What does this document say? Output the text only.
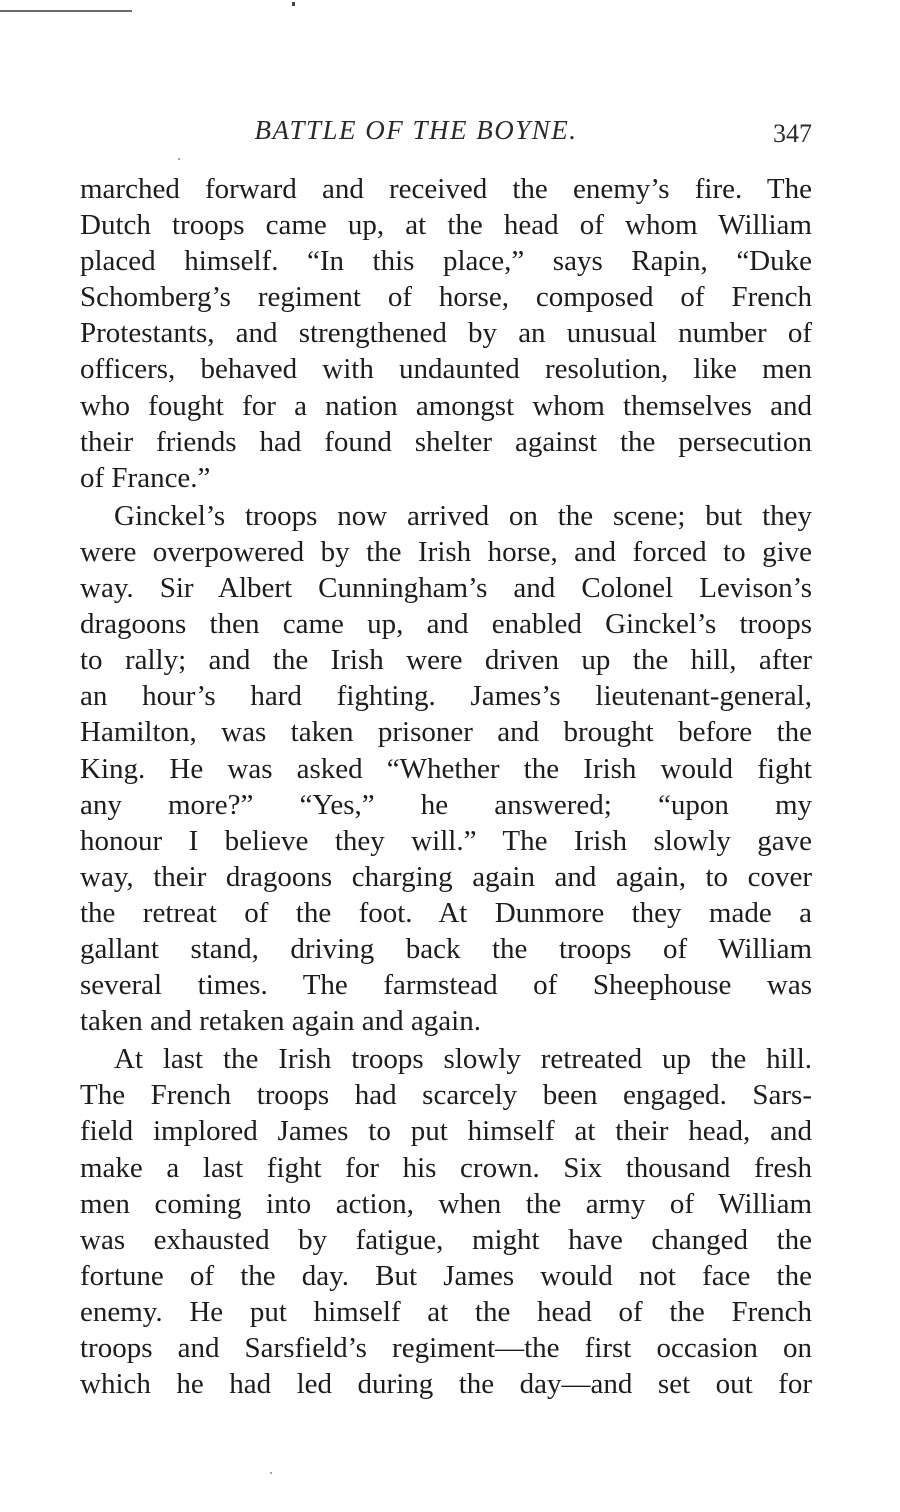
BATTLE OF THE BOYNE.	347
marched forward and received the enemy’s fire. The
Dutch troops came up, at the head of whom William
placed himself. “In this place,” says Rapin, “Duke
Schomberg’s regiment of horse, composed of French
Protestants, and strengthened by an unusual number of
officers, behaved with undaunted resolution, like men
who fought for a nation amongst whom themselves and
their friends had found shelter against the persecution
of France.”
Ginckel’s troops now arrived on the scene; but they
were overpowered by the Irish horse, and forced to give
way. Sir Albert Cunningham’s and Colonel Levison’s
dragoons then came up, and enabled Ginckel’s troops
to rally; and the Irish were driven up the hill, after
an hour’s hard fighting. James’s lieutenant-general,
Hamilton, was taken prisoner and brought before the
King. He was asked “Whether the Irish would fight
any more?” “Yes,” he answered; “upon my
honour I believe they will.” The Irish slowly gave
way, their dragoons charging again and again, to cover
the retreat of the foot. At Dunmore they made a
gallant stand, driving back the troops of William
several times. The farmstead of Sheephouse was
taken and retaken again and again.
At last the Irish troops slowly retreated up the hill.
The French troops had scarcely been engaged. Sars-
field implored James to put himself at their head, and
make a last fight for his crown. Six thousand fresh
men coming into action, when the army of William
was exhausted by fatigue, might have changed the
fortune of the day. But James would not face the
enemy. He put himself at the head of the French
troops and Sarsfield’s regiment—the first occasion on
which he had led during the day—and set out for
